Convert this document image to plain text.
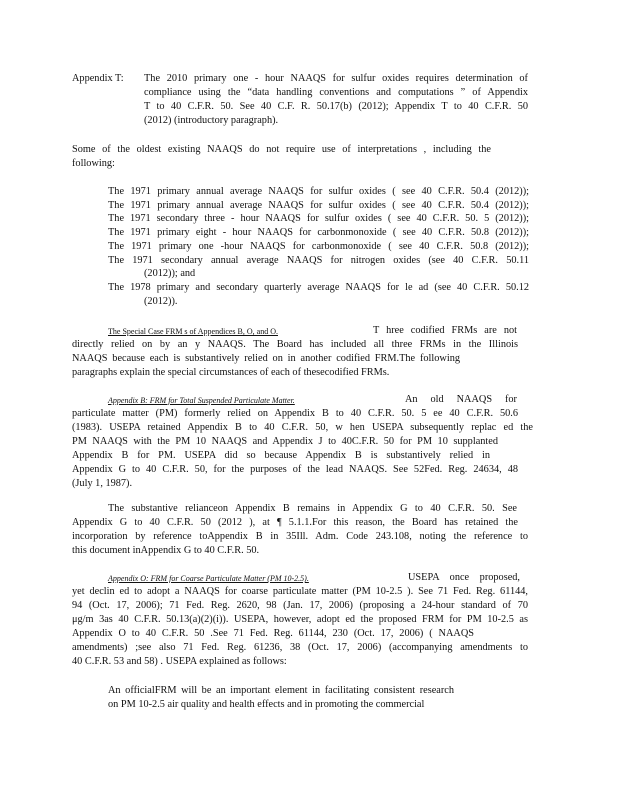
Appendix T: The 2010 primary one - hour NAAQS for sulfur oxides requires determination of
compliance using the “data handling conventions and computations ” of Appendix
T to 40 C.F.R. 50. See 40 C.F. R. 50.17(b) (2012); Appendix T to 40 C.F.R. 50
(2012) (introductory paragraph).
Some of the oldest existing NAAQS do not require use of interpretations , including the
following:
The 1971 primary annual average NAAQS for sulfur oxides ( see 40 C.F.R. 50.4 (2012));
The 1971 primary annual average NAAQS for sulfur oxides ( see 40 C.F.R. 50.4 (2012));
The 1971 secondary three - hour NAAQS for sulfur oxides ( see 40 C.F.R. 50. 5 (2012));
The 1971 primary eight - hour NAAQS for carbonmonoxide ( see 40 C.F.R. 50.8 (2012));
The 1971 primary one -hour NAAQS for carbonmonoxide ( see 40 C.F.R. 50.8 (2012));
The 1971 secondary annual average NAAQS for nitrogen oxides (see 40 C.F.R. 50.11
(2012)); and
The 1978 primary and secondary quarterly average NAAQS for le ad (see 40 C.F.R. 50.12
(2012)).
The Special Case FRM s of Appendices B, O, and O.	T hree codified FRMs are not
directly relied on by an y NAAQS. The Board has included all three FRMs in the Illinois
NAAQS because each is substantively relied on in another codified FRM.The following
paragraphs explain the special circumstances of each of thesecodified FRMs.
Appendix B: FRM for Total Suspended Particulate Matter.	An old NAAQS for
particulate matter (PM) formerly relied on Appendix B to 40 C.F.R. 50. 5 ee 40 C.F.R. 50.6
(1983). USEPA retained Appendix B to 40 C.F.R. 50, w hen USEPA subsequently replac ed the
PM NAAQS with the PM 10 NAAQS and Appendix J to 40C.F.R. 50 for PM 10 supplanted
Appendix B for PM. USEPA did so because Appendix B is substantively relied in
Appendix G to 40 C.F.R. 50, for the purposes of the lead NAAQS. See 52Fed. Reg. 24634, 48
(July 1, 1987).
The substantive relianceon Appendix B remains in Appendix G to 40 C.F.R. 50. See
Appendix G to 40 C.F.R. 50 (2012 ), at ¶ 5.1.1.For this reason, the Board has retained the
incorporation by reference toAppendix B in 35Ill. Adm. Code 243.108, noting the reference to
this document inAppendix G to 40 C.F.R. 50.
Appendix O: FRM for Coarse Particulate Matter (PM 10-2.5).	USEPA once proposed,
yet declin ed to adopt a NAAQS for coarse particulate matter (PM 10-2.5 ). See 71 Fed. Reg. 61144,
94 (Oct. 17, 2006); 71 Fed. Reg. 2620, 98 (Jan. 17, 2006) (proposing a 24-hour standard of 70
μg/m 3as 40 C.F.R. 50.13(a)(2)(i)). USEPA, however, adopt ed the proposed FRM for PM 10-2.5 as
Appendix O to 40 C.F.R. 50 .See 71 Fed. Reg. 61144, 230 (Oct. 17, 2006) ( NAAQS
amendments) ;see also 71 Fed. Reg. 61236, 38 (Oct. 17, 2006) (accompanying amendments to
40 C.F.R. 53 and 58) . USEPA explained as follows:
An officialFRM will be an important element in facilitating consistent research
on PM 10-2.5 air quality and health effects and in promoting the commercial
